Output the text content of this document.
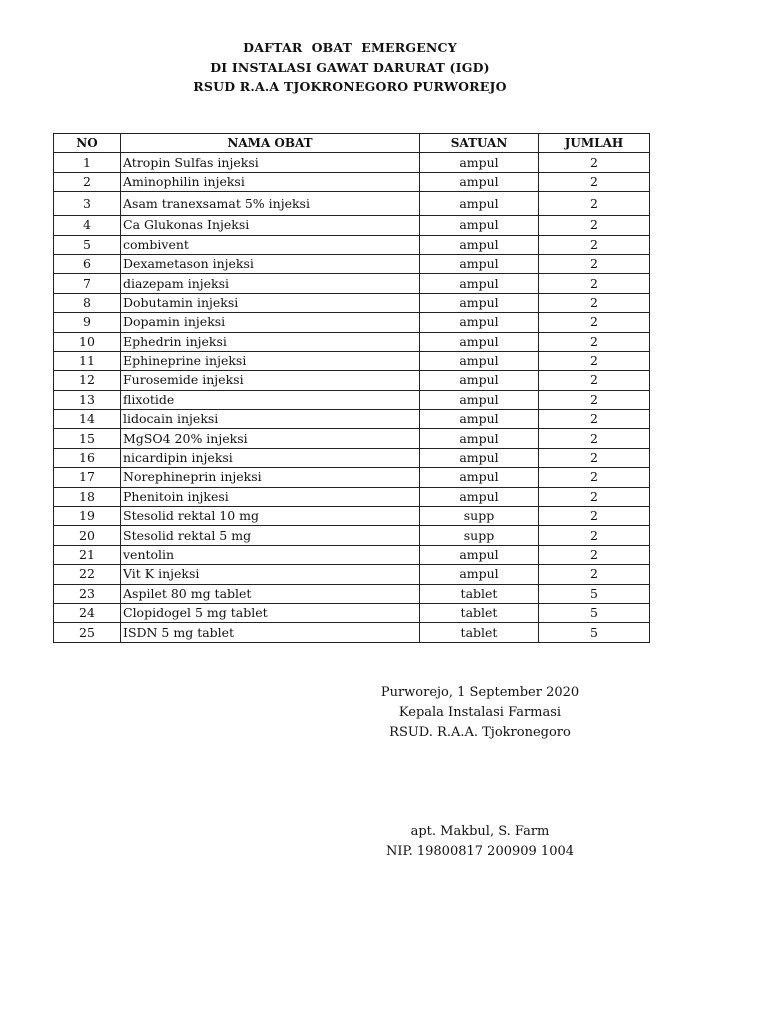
DAFTAR  OBAT  EMERGENCY
DI INSTALASI GAWAT DARURAT (IGD)
RSUD R.A.A TJOKRONEGORO PURWOREJO
NO	NAMA OBAT	SATUAN	JUMLAH
1	Atropin Sulfas injeksi	ampul	2
2	Aminophilin injeksi	ampul	2
3	Asam tranexsamat 5% injeksi	ampul	2
4	Ca Glukonas Injeksi	ampul	2
5	combivent	ampul	2
6	Dexametason injeksi	ampul	2
7	diazepam injeksi	ampul	2
8	Dobutamin injeksi	ampul	2
9	Dopamin injeksi	ampul	2
10	Ephedrin injeksi	ampul	2
11	Ephineprine injeksi	ampul	2
12	Furosemide injeksi	ampul	2
13	flixotide	ampul	2
14	lidocain injeksi	ampul	2
15	MgSO4 20% injeksi	ampul	2
16	nicardipin injeksi	ampul	2
17	Norephineprin injeksi	ampul	2
18	Phenitoin injkesi	ampul	2
19	Stesolid rektal 10 mg	supp	2
20	Stesolid rektal 5 mg	supp	2
21	ventolin	ampul	2
22	Vit K injeksi	ampul	2
23	Aspilet 80 mg tablet	tablet	5
24	Clopidogel 5 mg tablet	tablet	5
25	ISDN 5 mg tablet	tablet	5
Purworejo, 1 September 2020
Kepala Instalasi Farmasi
RSUD. R.A.A. Tjokronegoro
apt. Makbul, S. Farm
NIP. 19800817 200909 1004
